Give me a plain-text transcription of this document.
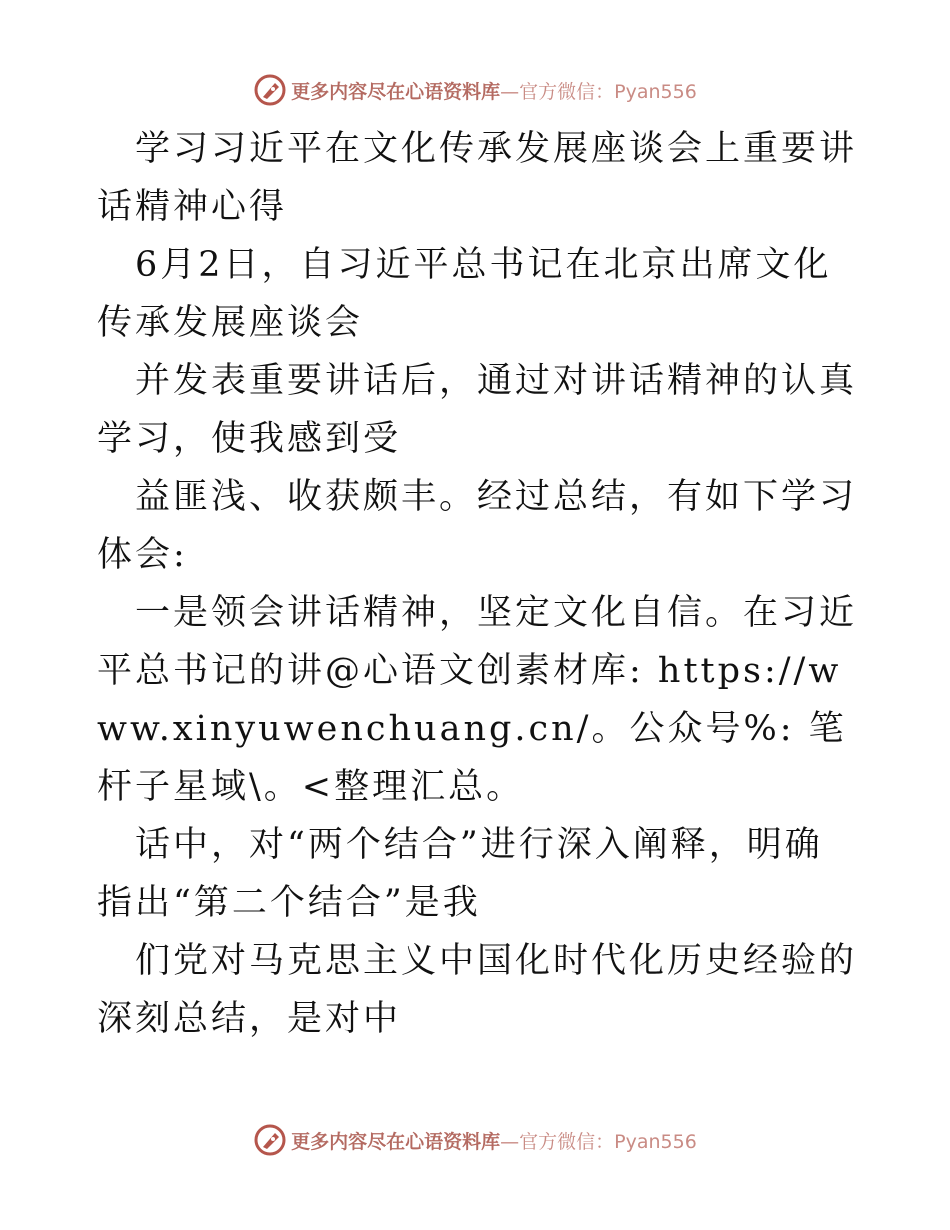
更多内容尽在心语资料库—官方微信：Pyan556

学习习近平在文化传承发展座谈会上重要讲话精神心得

6月2日，自习近平总书记在北京出席文化传承发展座谈会

并发表重要讲话后，通过对讲话精神的认真学习，使我感到受

益匪浅、收获颇丰。经过总结，有如下学习体会:

一是领会讲话精神，坚定文化自信。在习近平总书记的讲@心语文创素材库: https://www.xinyuwenchuang.cn/。公众号%: 笔杆子星域\。<整理汇总。

话中，对“两个结合”进行深入阐释，明确指出“第二个结合”是我

们党对马克思主义中国化时代化历史经验的深刻总结，是对中

更多内容尽在心语资料库—官方微信：Pyan556
